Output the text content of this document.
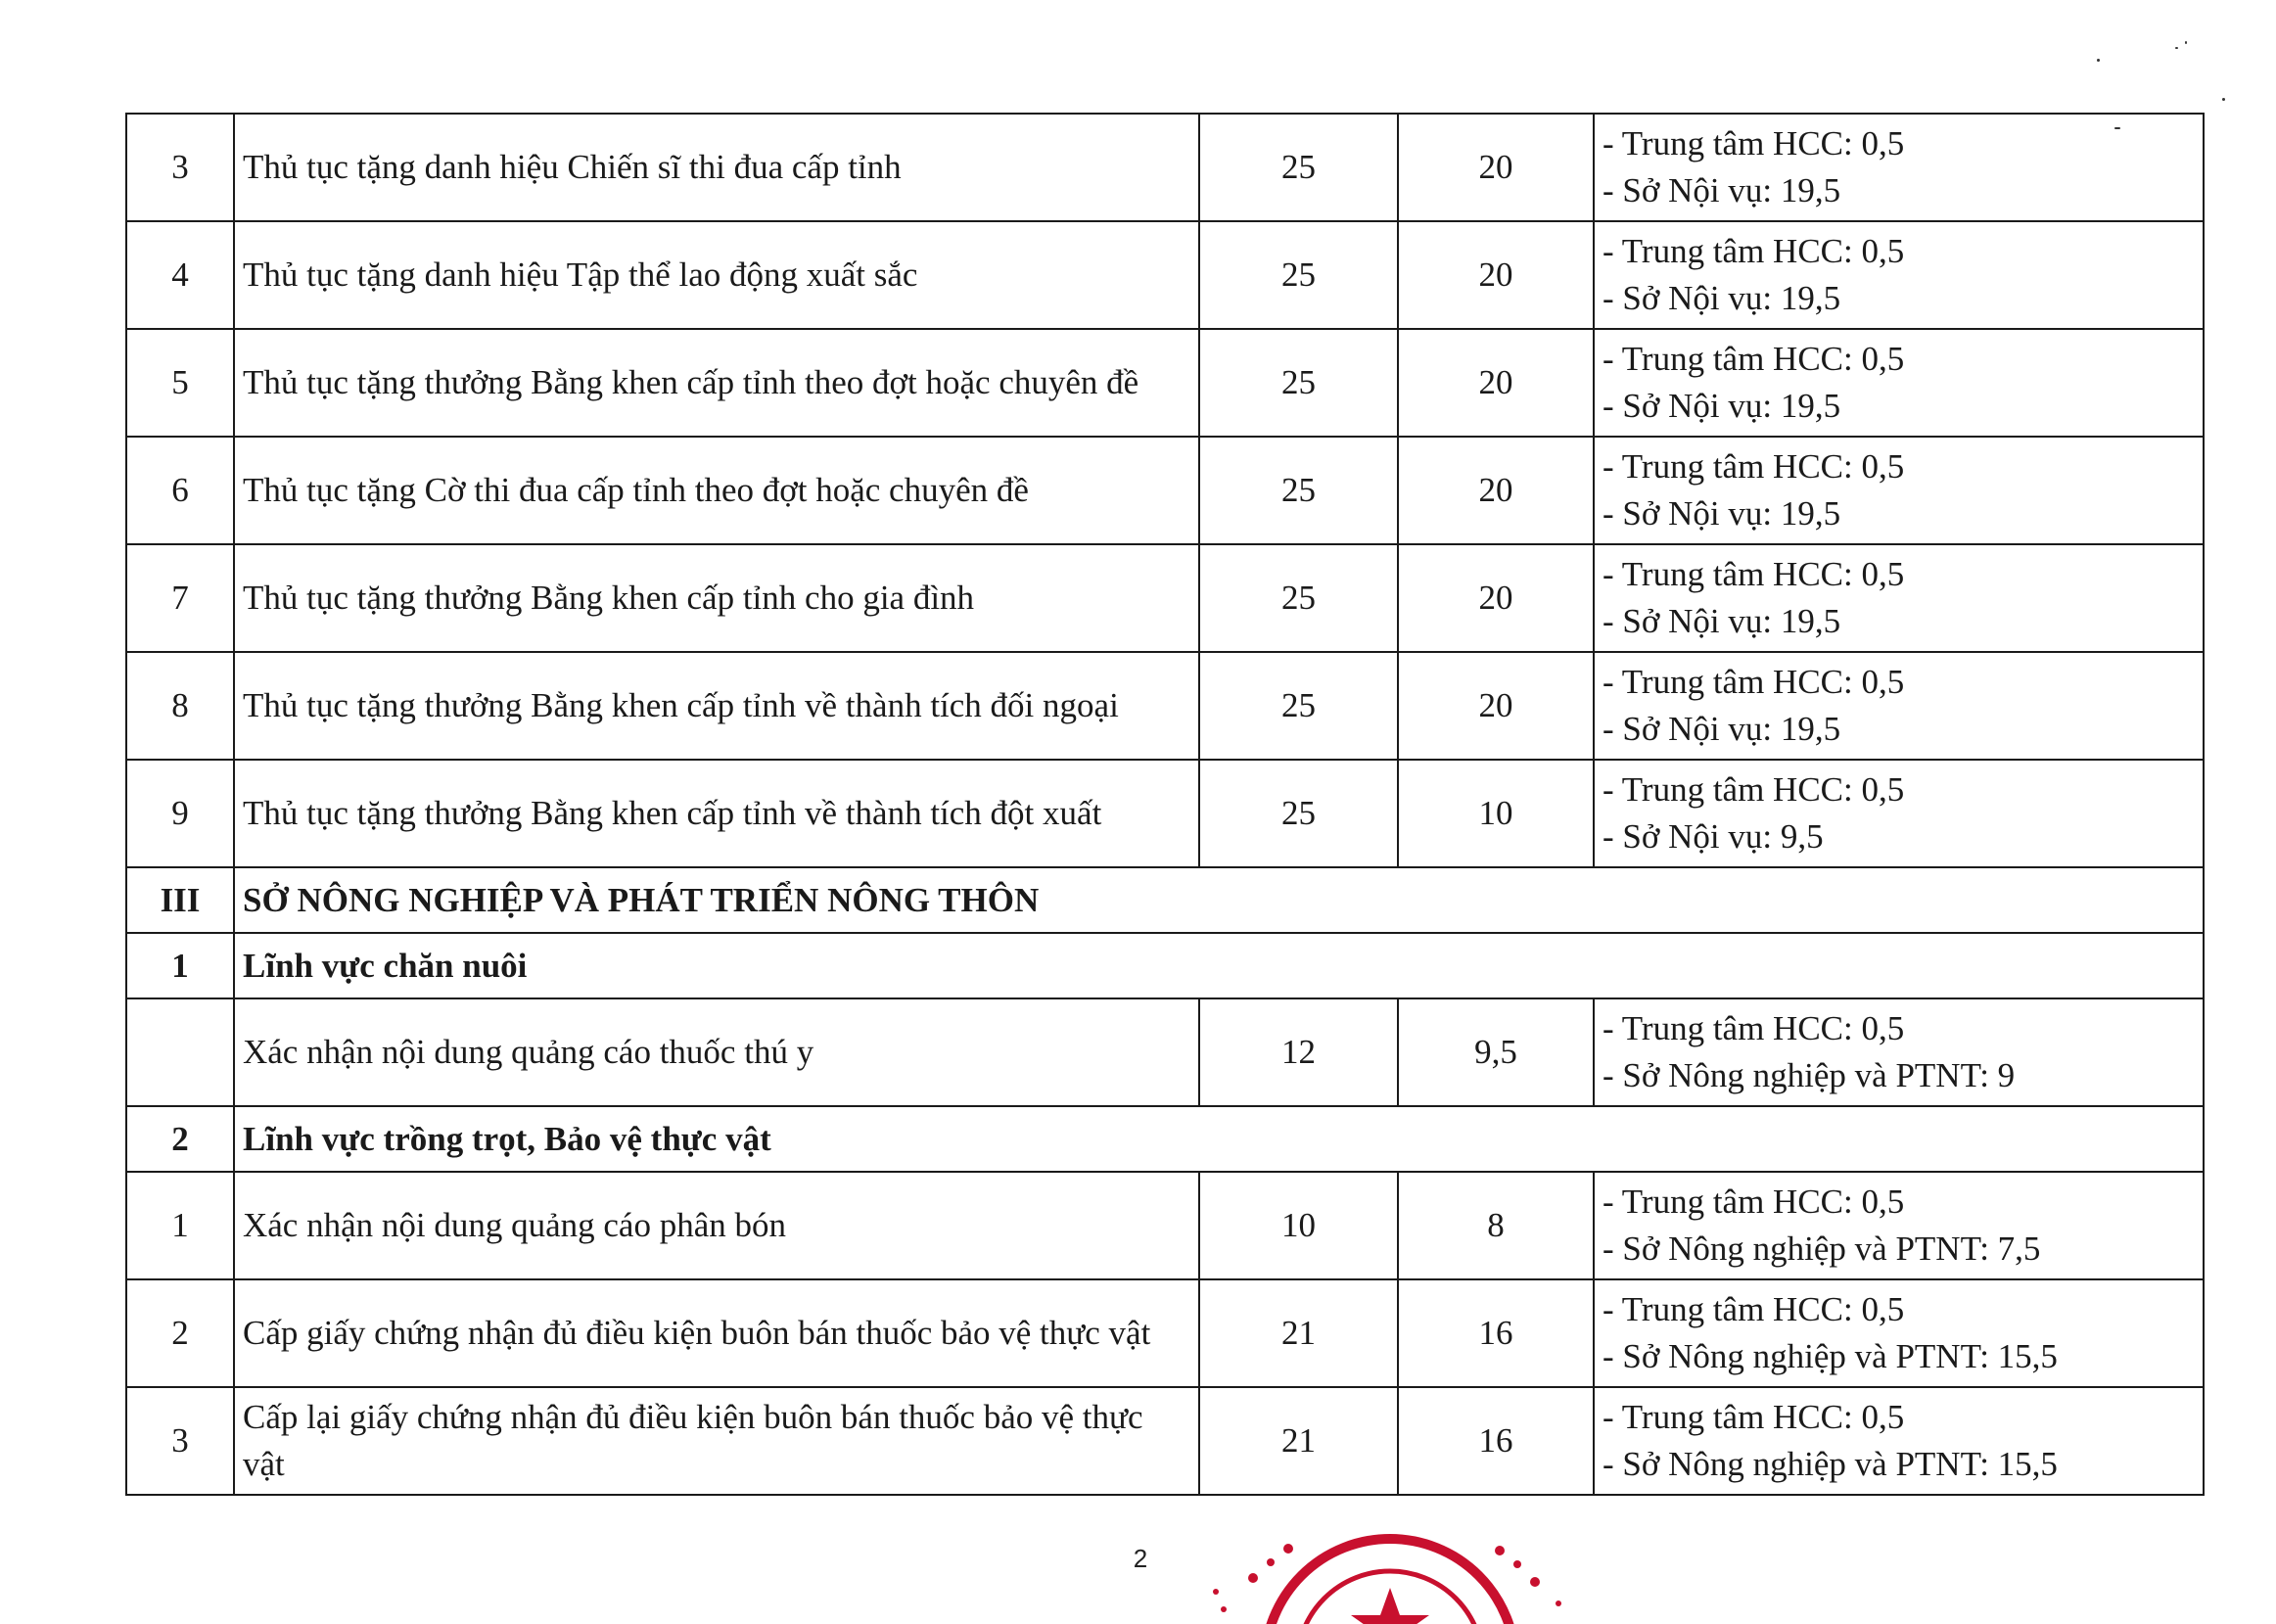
3	Thủ tục tặng danh hiệu Chiến sĩ thi đua cấp tỉnh	25	20	- Trung tâm HCC: 0,5
- Sở Nội vụ: 19,5

4	Thủ tục tặng danh hiệu Tập thể lao động xuất sắc	25	20	- Trung tâm HCC: 0,5
- Sở Nội vụ: 19,5

5	Thủ tục tặng thưởng Bằng khen cấp tỉnh theo đợt hoặc chuyên đề	25	20	- Trung tâm HCC: 0,5
- Sở Nội vụ: 19,5

6	Thủ tục tặng Cờ thi đua cấp tỉnh theo đợt hoặc chuyên đề	25	20	- Trung tâm HCC: 0,5
- Sở Nội vụ: 19,5

7	Thủ tục tặng thưởng Bằng khen cấp tỉnh cho gia đình	25	20	- Trung tâm HCC: 0,5
- Sở Nội vụ: 19,5

8	Thủ tục tặng thưởng Bằng khen cấp tỉnh về thành tích đối ngoại	25	20	- Trung tâm HCC: 0,5
- Sở Nội vụ: 19,5

9	Thủ tục tặng thưởng Bằng khen cấp tỉnh về thành tích đột xuất	25	10	- Trung tâm HCC: 0,5
- Sở Nội vụ: 9,5

III	SỞ NÔNG NGHIỆP VÀ PHÁT TRIỂN NÔNG THÔN			
1	Lĩnh vực chăn nuôi			
	Xác nhận nội dung quảng cáo thuốc thú y	12	9,5	- Trung tâm HCC: 0,5
- Sở Nông nghiệp và PTNT: 9

2	Lĩnh vực trồng trọt, Bảo vệ thực vật			
1	Xác nhận nội dung quảng cáo phân bón	10	8	- Trung tâm HCC: 0,5
- Sở Nông nghiệp và PTNT: 7,5

2	Cấp giấy chứng nhận đủ điều kiện buôn bán thuốc bảo vệ thực vật	21	16	- Trung tâm HCC: 0,5
- Sở Nông nghiệp và PTNT: 15,5

3	Cấp lại giấy chứng nhận đủ điều kiện buôn bán thuốc bảo vệ thực vật	21	16	- Trung tâm HCC: 0,5
- Sở Nông nghiệp và PTNT: 15,5
2
